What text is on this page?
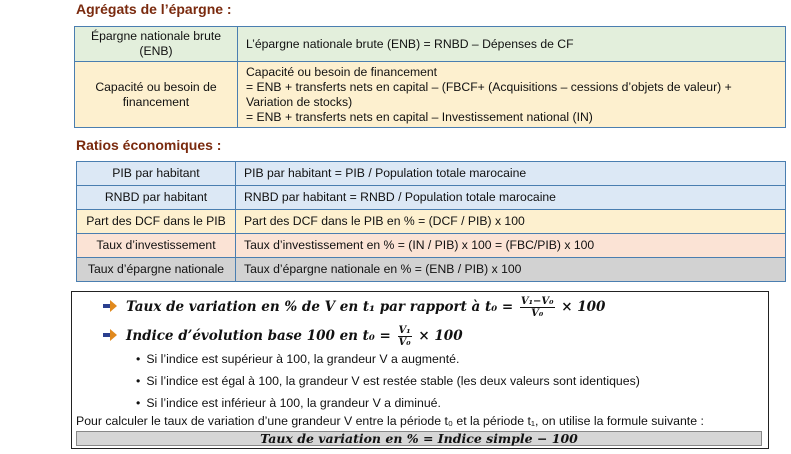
Agrégats de l’épargne :
Épargne nationale brute (ENB)	L’épargne nationale brute (ENB) = RNBD – Dépenses de CF
Capacité ou besoin de financement	Capacité ou besoin de financement
= ENB + transferts nets en capital – (FBCF+ (Acquisitions – cessions d’objets de valeur) + Variation de stocks)
= ENB + transferts nets en capital – Investissement national (IN)
Ratios économiques :
PIB par habitant	PIB par habitant = PIB / Population totale marocaine
RNBD par habitant	RNBD par habitant = RNBD / Population totale marocaine
Part des DCF dans le PIB	Part des DCF dans le PIB en % = (DCF / PIB) x 100
Taux d’investissement	Taux d’investissement en % = (IN / PIB) x 100 = (FBC/PIB) x 100
Taux d’épargne nationale	Taux d’épargne nationale en % = (ENB / PIB) x 100
Taux de variation en % de V en t₁ par rapport à $t_0 = \frac{\text{V₁−V₀}}{\text{V₀}} \times 100$
Indice d’évolution base 100 en $t_0 = \frac{\text{V₁}}{\text{V₀}} \times 100$
• Si l’indice est supérieur à 100, la grandeur V a augmenté.
• Si l’indice est égal à 100, la grandeur V est restée stable (les deux valeurs sont identiques)
• Si l’indice est inférieur à 100, la grandeur V a diminué.
Pour calculer le taux de variation d’une grandeur V entre la période t₀ et la période t₁, on utilise la formule suivante :
Taux de variation en % = Indice simple − 100
